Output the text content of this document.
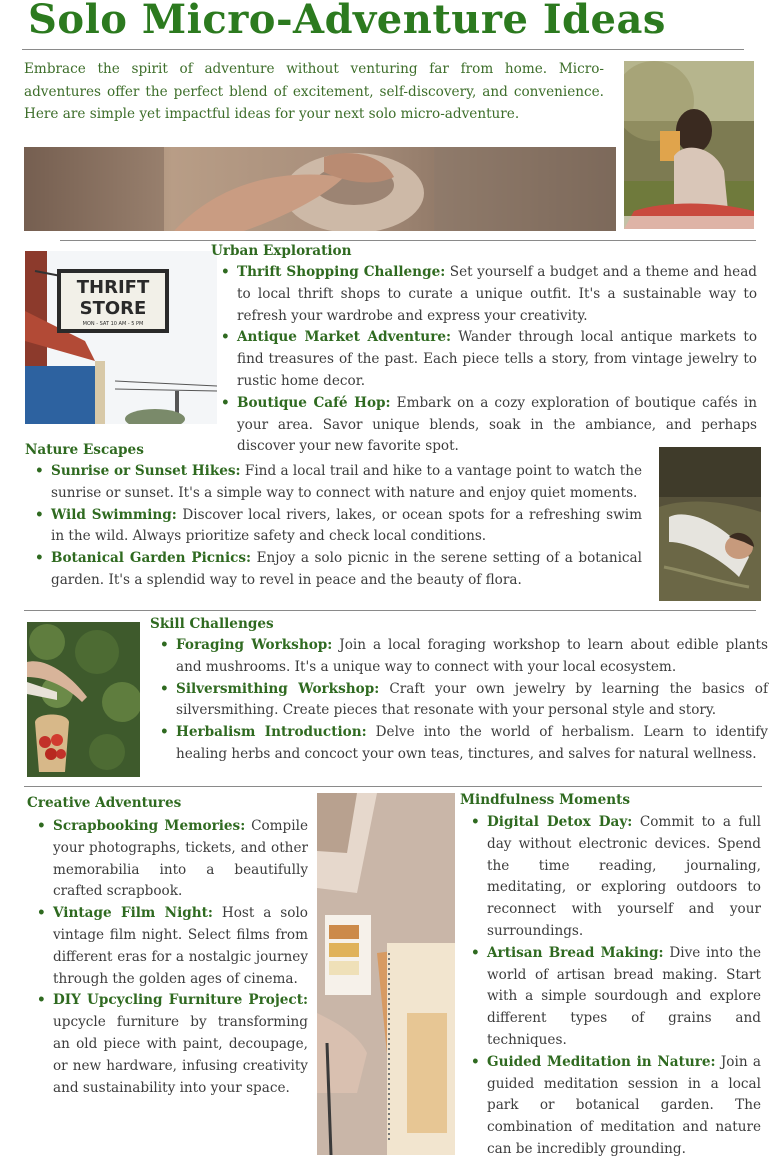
Solo Micro-Adventure Ideas
Embrace the spirit of adventure without venturing far from home. Micro-adventures offer the perfect blend of excitement, self-discovery, and convenience. Here are simple yet impactful ideas for your next solo micro-adventure.
THRIFT
STORE
MON - SAT 10 AM - 5 PM
Urban Exploration
• Thrift Shopping Challenge: Set yourself a budget and a theme and head to local thrift shops to curate a unique outfit. It's a sustainable way to refresh your wardrobe and express your creativity.
• Antique Market Adventure: Wander through local antique markets to find treasures of the past. Each piece tells a story, from vintage jewelry to rustic home decor.
• Boutique Café Hop: Embark on a cozy exploration of boutique cafés in your area. Savor unique blends, soak in the ambiance, and perhaps discover your new favorite spot.
Nature Escapes
• Sunrise or Sunset Hikes: Find a local trail and hike to a vantage point to watch the sunrise or sunset. It's a simple way to connect with nature and enjoy quiet moments.
• Wild Swimming: Discover local rivers, lakes, or ocean spots for a refreshing swim in the wild. Always prioritize safety and check local conditions.
• Botanical Garden Picnics: Enjoy a solo picnic in the serene setting of a botanical garden. It's a splendid way to revel in peace and the beauty of flora.
Skill Challenges
• Foraging Workshop: Join a local foraging workshop to learn about edible plants and mushrooms. It's a unique way to connect with your local ecosystem.
• Silversmithing Workshop: Craft your own jewelry by learning the basics of silversmithing. Create pieces that resonate with your personal style and story.
• Herbalism Introduction: Delve into the world of herbalism. Learn to identify healing herbs and concoct your own teas, tinctures, and salves for natural wellness.
Creative Adventures
• Scrapbooking Memories: Compile your photographs, tickets, and other memorabilia into a beautifully crafted scrapbook.
• Vintage Film Night: Host a solo vintage film night. Select films from different eras for a nostalgic journey through the golden ages of cinema.
• DIY Upcycling Furniture Project: upcycle furniture by transforming an old piece with paint, decoupage, or new hardware, infusing creativity and sustainability into your space.
Mindfulness Moments
• Digital Detox Day: Commit to a full day without electronic devices. Spend the time reading, journaling, meditating, or exploring outdoors to reconnect with yourself and your surroundings.
• Artisan Bread Making: Dive into the world of artisan bread making. Start with a simple sourdough and explore different types of grains and techniques.
• Guided Meditation in Nature: Join a guided meditation session in a local park or botanical garden. The combination of meditation and nature can be incredibly grounding.
